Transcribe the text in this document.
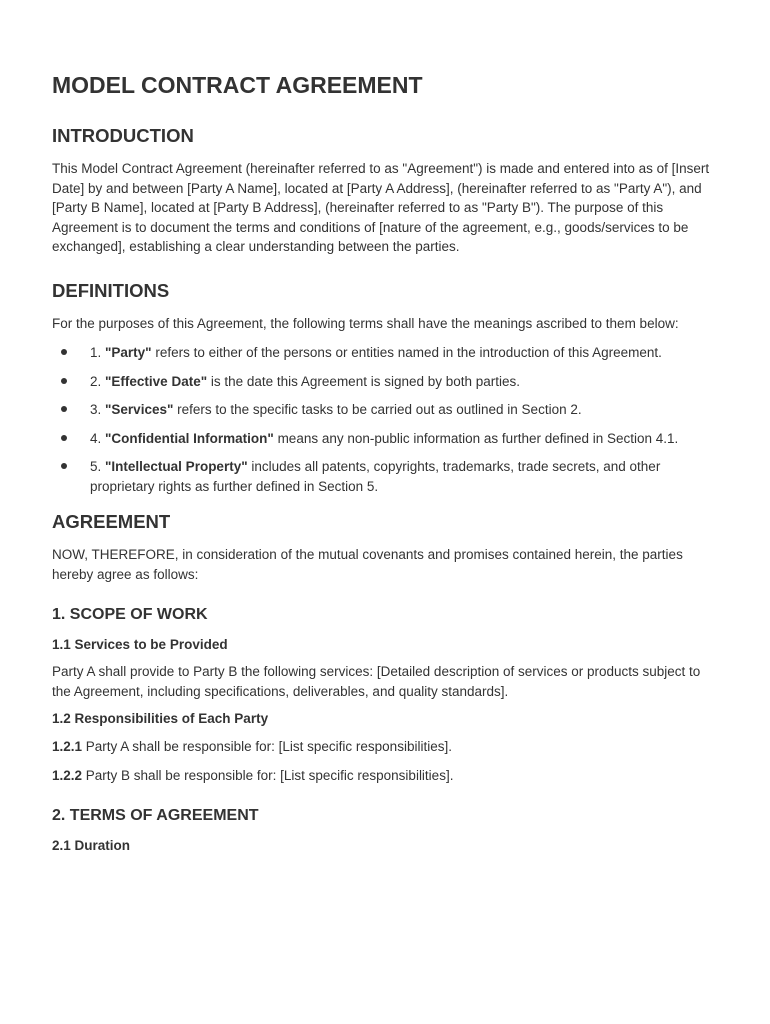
MODEL CONTRACT AGREEMENT
INTRODUCTION

This Model Contract Agreement (hereinafter referred to as "Agreement") is made and entered into as of [Insert Date] by and between [Party A Name], located at [Party A Address], (hereinafter referred to as "Party A"), and [Party B Name], located at [Party B Address], (hereinafter referred to as "Party B"). The purpose of this Agreement is to document the terms and conditions of [nature of the agreement, e.g., goods/services to be exchanged], establishing a clear understanding between the parties.

DEFINITIONS

For the purposes of this Agreement, the following terms shall have the meanings ascribed to them below:

1. "Party" refers to either of the persons or entities named in the introduction of this Agreement.
2. "Effective Date" is the date this Agreement is signed by both parties.
3. "Services" refers to the specific tasks to be carried out as outlined in Section 2.
4. "Confidential Information" means any non-public information as further defined in Section 4.1.
5. "Intellectual Property" includes all patents, copyrights, trademarks, trade secrets, and other proprietary rights as further defined in Section 5.
AGREEMENT

NOW, THEREFORE, in consideration of the mutual covenants and promises contained herein, the parties hereby agree as follows:

1. SCOPE OF WORK
1.1 Services to be Provided

Party A shall provide to Party B the following services: [Detailed description of services or products subject to the Agreement, including specifications, deliverables, and quality standards].

1.2 Responsibilities of Each Party

1.2.1 Party A shall be responsible for: [List specific responsibilities].

1.2.2 Party B shall be responsible for: [List specific responsibilities].

2. TERMS OF AGREEMENT
2.1 Duration
